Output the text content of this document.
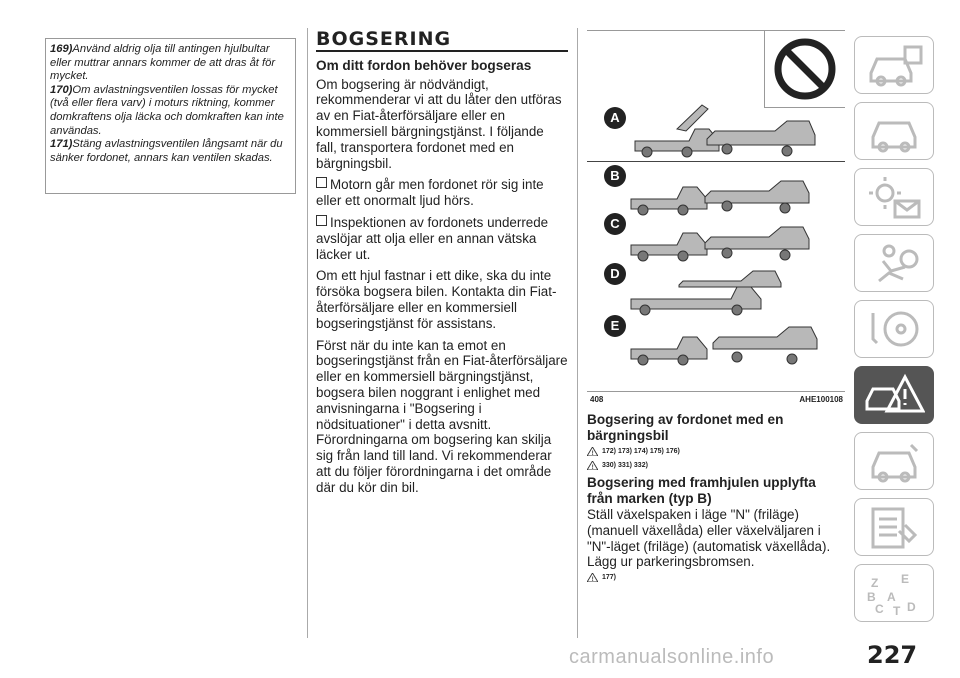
169)Använd aldrig olja till antingen hjulbultar eller muttrar annars kommer de att dras åt för mycket.

170)Om avlastningsventilen lossas för mycket (två eller flera varv) i moturs riktning, kommer domkraftens olja läcka och domkraften kan inte användas.

171)Stäng avlastningsventilen långsamt när du sänker fordonet, annars kan ventilen skadas.

BOGSERING
Om ditt fordon behöver bogseras

Om bogsering är nödvändigt, rekommenderar vi att du låter den utföras av en Fiat-återförsäljare eller en kommersiell bärgningstjänst. I följande fall, transportera fordonet med en bärgningsbil.

Motorn går men fordonet rör sig inte eller ett onormalt ljud hörs.

Inspektionen av fordonets underrede avslöjar att olja eller en annan vätska läcker ut.

Om ett hjul fastnar i ett dike, ska du inte försöka bogsera bilen. Kontakta din Fiat-återförsäljare eller en kommersiell bogseringstjänst för assistans.

Först när du inte kan ta emot en bogseringstjänst från en Fiat-återförsäljare eller en kommersiell bärgningstjänst, bogsera bilen noggrant i enlighet med anvisningarna i "Bogsering i nödsituationer" i detta avsnitt. Förordningarna om bogsering kan skilja sig från land till land. Vi rekommenderar att du följer förordningarna i det område där du kör din bil.

A
B
C
D
E
408	AHE100108
Bogsering av fordonet med en bärgningsbil
! 172) 173) 174) 175) 176)
! 330) 331) 332)
Bogsering med framhjulen upplyfta från marken (typ B)

Ställ växelspaken i läge "N" (friläge) (manuell växellåda) eller växelväljaren i "N"-läget (friläge) (automatisk växellåda). Lägg ur parkeringsbromsen.

! 177)	Z E
A
C T D
B
227
carmanualsonline.info
